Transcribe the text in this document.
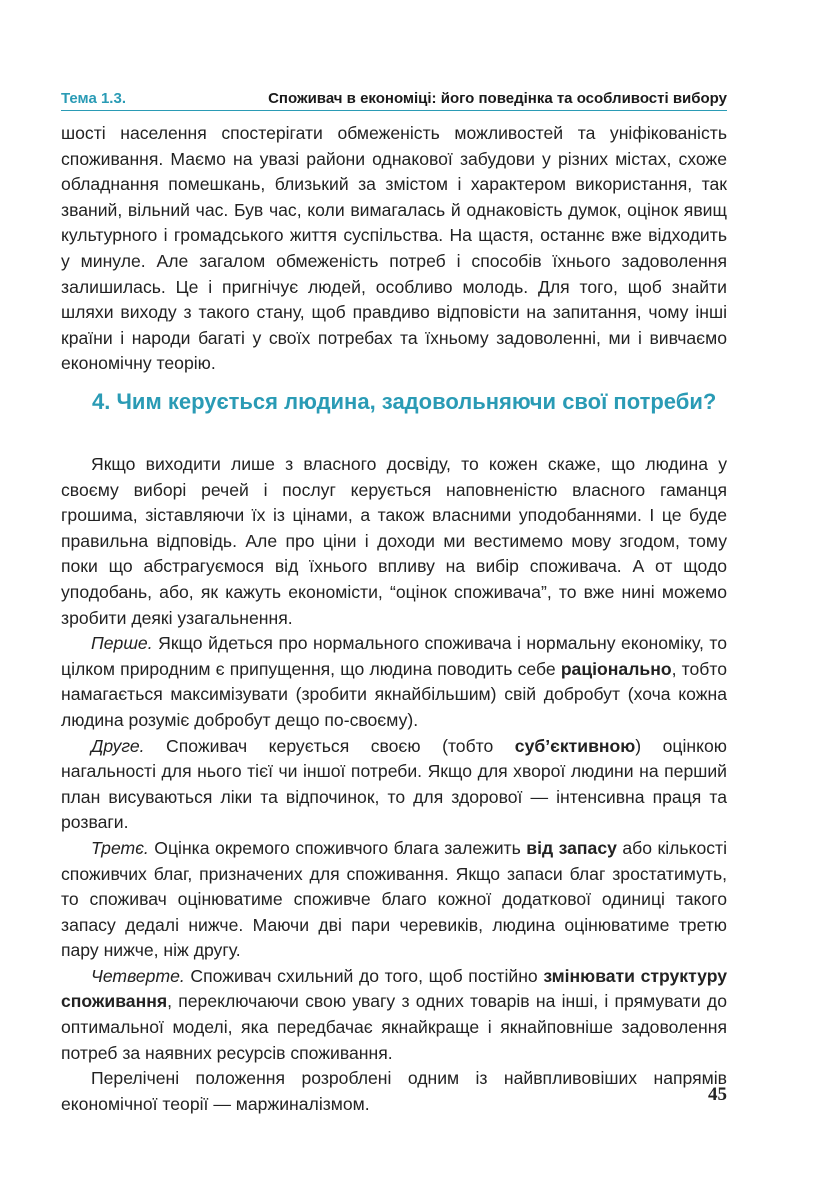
Тема 1.3.	Споживач в економіці: його поведінка та особливості вибору

шості населення спостерігати обмеженість можливостей та уніфікованість споживання. Маємо на увазі райони однакової забудови у різних містах, схоже обладнання помешкань, близький за змістом і характером використання, так званий, вільний час. Був час, коли вимагалась й однаковість думок, оцінок явищ культурного і громадського життя суспільства. На щастя, останнє вже відходить у минуле. Але загалом обмеженість потреб і способів їхнього задоволення залишилась. Це і пригнічує людей, особливо молодь. Для того, щоб знайти шляхи виходу з такого стану, щоб правдиво відповісти на запитання, чому інші країни і народи багаті у своїх потребах та їхньому задоволенні, ми і вивчаємо економічну теорію.

4. Чим керується людина, задовольняючи свої потреби?

Якщо виходити лише з власного досвіду, то кожен скаже, що людина у своєму виборі речей і послуг керується наповненістю власного гаманця грошима, зіставляючи їх із цінами, а також власними уподобаннями. І це буде правильна відповідь. Але про ціни і доходи ми вестимемо мову згодом, тому поки що абстрагуємося від їхнього впливу на вибір споживача. А от щодо уподобань, або, як кажуть економісти, “оцінок споживача”, то вже нині можемо зробити деякі узагальнення.

Перше. Якщо йдеться про нормального споживача і нормальну економіку, то цілком природним є припущення, що людина поводить себе раціонально, тобто намагається максимізувати (зробити якнайбільшим) свій добробут (хоча кожна людина розуміє добробут дещо по-своєму).

Друге. Споживач керується своєю (тобто суб’єктивною) оцінкою нагальності для нього тієї чи іншої потреби. Якщо для хворої людини на перший план висуваються ліки та відпочинок, то для здорової — інтенсивна праця та розваги.

Третє. Оцінка окремого споживчого блага залежить від запасу або кількості споживчих благ, призначених для споживання. Якщо запаси благ зростатимуть, то споживач оцінюватиме споживче благо кожної додаткової одиниці такого запасу дедалі нижче. Маючи дві пари черевиків, людина оцінюватиме третю пару нижче, ніж другу.

Четверте. Споживач схильний до того, щоб постійно змінювати структуру споживання, переключаючи свою увагу з одних товарів на інші, і прямувати до оптимальної моделі, яка передбачає якнайкраще і якнайповніше задоволення потреб за наявних ресурсів споживання.

Перелічені положення розроблені одним із найвпливовіших напрямів економічної теорії — маржиналізмом.	45
